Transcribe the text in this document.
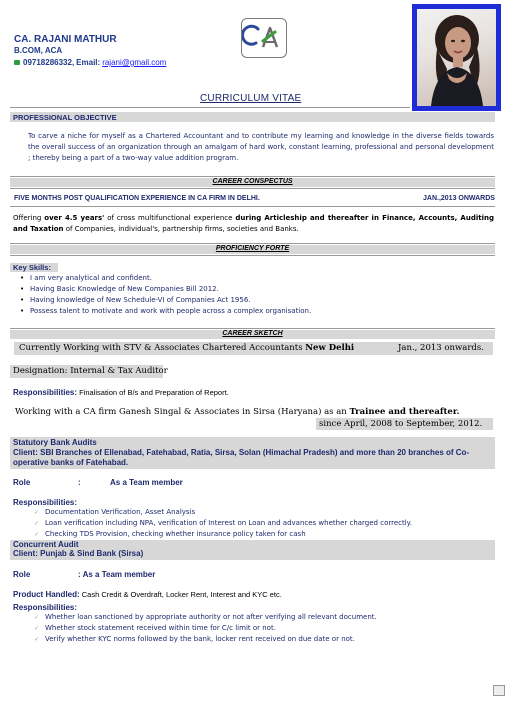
CA. RAJANI MATHUR
B.COM, ACA
09718286332, Email: rajani@gmail.com
CURRICULUM VITAE
PROFESSIONAL OBJECTIVE
To carve a niche for myself as a Chartered Accountant and to contribute my learning and knowledge in the diverse fields towards the overall success of an organization through an amalgam of hard work, constant learning, professional and personal development ; thereby being a part of a two-way value addition program.
CAREER CONSPECTUS
FIVE MONTHS POST QUALIFICATION EXPERIENCE IN CA FIRM IN DELHI.	JAN.,2013 ONWARDS
Offering over 4.5 years' of cross multifunctional experience during Articleship and thereafter in Finance, Accounts, Auditing and Taxation of Companies, individual's, partnership firms, societies and Banks.
PROFICIENCY FORTE
Key Skills:
• I am very analytical and confident.
• Having Basic Knowledge of New Companies Bill 2012.
• Having knowledge of New Schedule-VI of Companies Act 1956.
• Possess talent to motivate and work with people across a complex organisation.
CAREER SKETCH
Currently Working with STV & Associates Chartered Accountants New Delhi	Jan., 2013 onwards.
Designation: Internal & Tax Auditor
Responsibilities: Finalisation of B/s and Preparation of Report.
Working with a CA firm Ganesh Singal & Associates in Sirsa (Haryana) as an Trainee and thereafter.
since April, 2008 to September, 2012.
Statutory Bank Audits
Client: SBI Branches of Ellenabad, Fatehabad, Ratia, Sirsa, Solan (Himachal Pradesh) and more than 20 branches of Co-operative banks of Fatehabad.
Role	:	As a Team member
Responsibilities:
✓ Documentation Verification, Asset Analysis
✓ Loan verification including NPA, verification of Interest on Loan and advances whether charged correctly.
✓ Checking TDS Provision, checking whether insurance policy taken for cash
Concurrent Audit
Client: Punjab & Sind Bank (Sirsa)
Role	: As a Team member
Product Handled: Cash Credit & Overdraft, Locker Rent, Interest and KYC etc.
Responsibilities:
✓ Whether loan sanctioned by appropriate authority or not after verifying all relevant document.
✓ Whether stock statement received within time for C/c limit or not.
✓ Verify whether KYC norms followed by the bank, locker rent received on due date or not.
